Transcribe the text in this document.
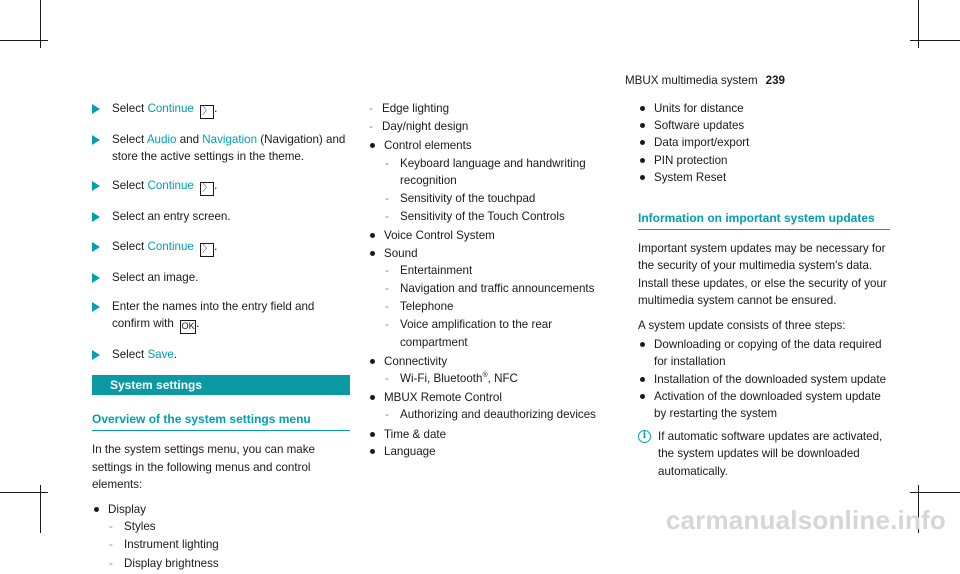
MBUX multimedia system 239
Select Continue 〉 .
Select Audio and Navigation (Navigation) and store the active settings in the theme.
Select Continue 〉 .
Select an entry screen.
Select Continue 〉 .
Select an image.
Enter the names into the entry field and confirm with OK .
Select Save.
System settings
Overview of the system settings menu

In the system settings menu, you can make settings in the following menus and control elements:

Display
- Styles
- Instrument lighting
- Display brightness
- Edge lighting
- Day/night design
Control elements
- Keyboard language and handwriting recognition
- Sensitivity of the touchpad
- Sensitivity of the Touch Controls
Voice Control System
Sound
- Entertainment
- Navigation and traffic announcements
- Telephone
- Voice amplification to the rear compartment
Connectivity
- Wi‑Fi, Bluetooth®, NFC
MBUX Remote Control
- Authorizing and deauthorizing devices
Time & date
Language
Units for distance
Software updates
Data import/export
PIN protection
System Reset
Information on important system updates

Important system updates may be necessary for the security of your multimedia system's data. Install these updates, or else the security of your multimedia system cannot be ensured.

A system update consists of three steps:

Downloading or copying of the data required for installation
Installation of the downloaded system update
Activation of the downloaded system update by restarting the system
i	If automatic software updates are activated, the system updates will be downloaded automatically.
carmanualsonline.info
